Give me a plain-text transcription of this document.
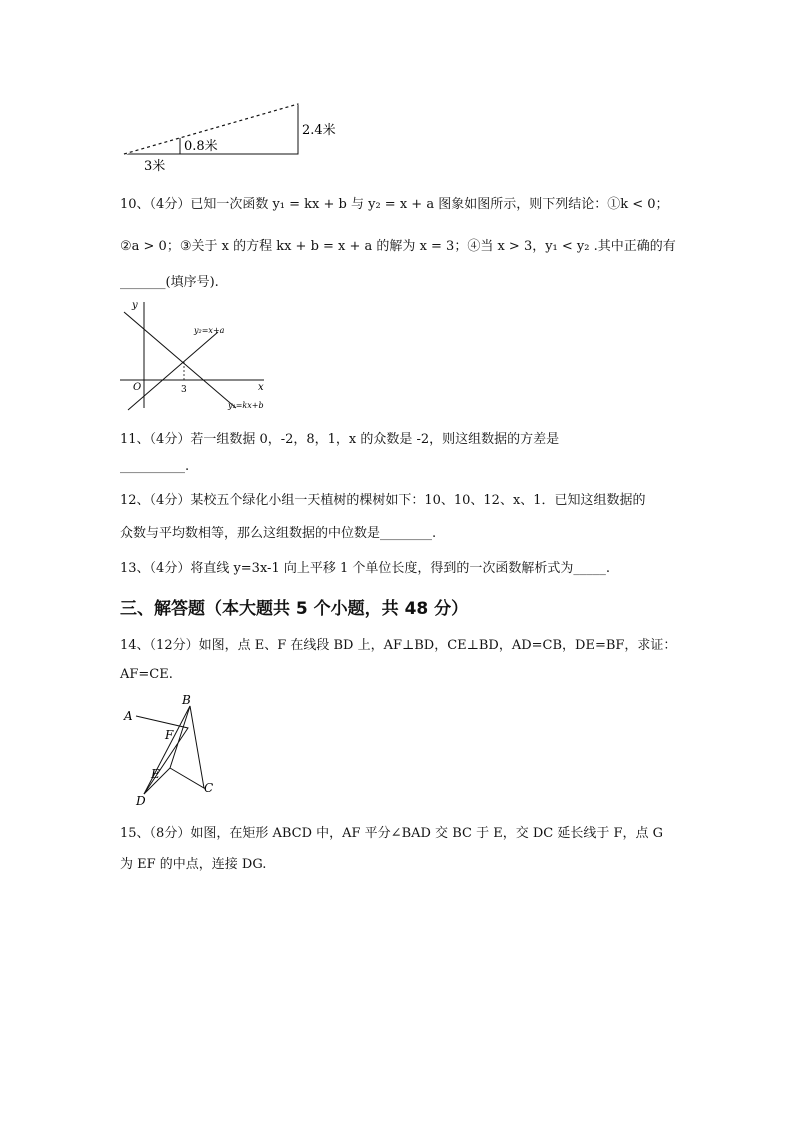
2.4米
0.8米
3米
10、（4分）已知一次函数 y₁ = kx + b 与 y₂ = x + a 图象如图所示，则下列结论：①k < 0；
②a > 0；③关于 x 的方程 kx + b = x + a 的解为 x = 3；④当 x > 3，y₁ < y₂ .其中正确的有
_______(填序号).
y
x
O	3
y₂=x+a
y₁=kx+b
11、（4分）若一组数据 0，-2，8，1，x 的众数是 -2，则这组数据的方差是
__________.
12、（4分）某校五个绿化小组一天植树的棵树如下：10、10、12、x、1．已知这组数据的
众数与平均数相等，那么这组数据的中位数是________.
13、（4分）将直线 y=3x-1 向上平移 1 个单位长度，得到的一次函数解析式为_____.
三、解答题（本大题共 5 个小题，共 48 分）
14、（12分）如图，点 E、F 在线段 BD 上，AF⊥BD，CE⊥BD，AD=CB，DE=BF，求证：
AF=CE.
A
B
F
E
C
D
15、（8分）如图，在矩形 ABCD 中，AF 平分∠BAD 交 BC 于 E，交 DC 延长线于 F，点 G
为 EF 的中点，连接 DG.
